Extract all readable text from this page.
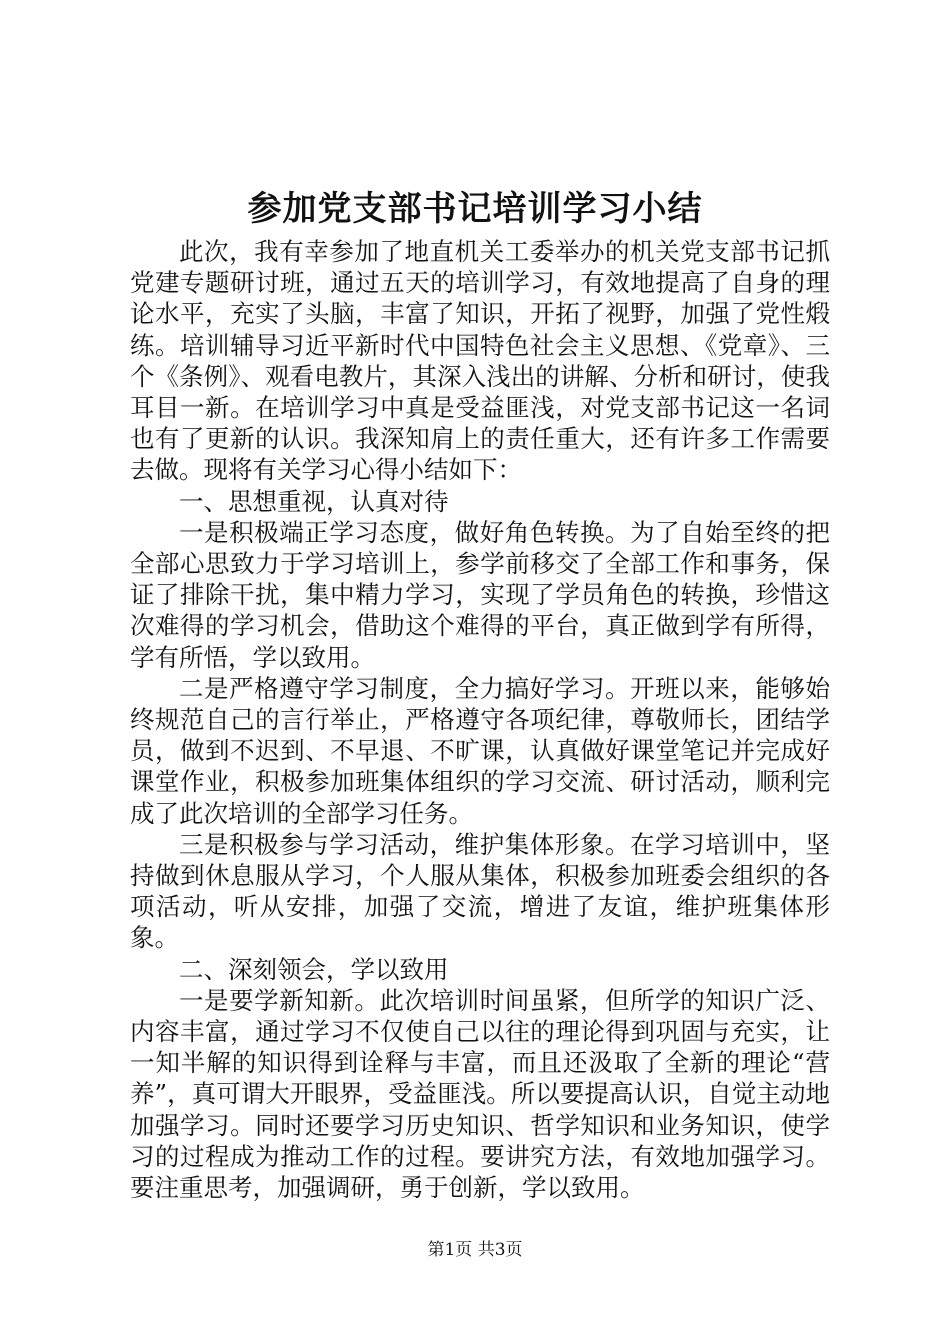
参加党支部书记培训学习小结

此次，我有幸参加了地直机关工委举办的机关党支部书记抓党建专题研讨班，通过五天的培训学习，有效地提高了自身的理论水平，充实了头脑，丰富了知识，开拓了视野，加强了党性煅练。培训辅导习近平新时代中国特色社会主义思想、《党章》、三个《条例》、观看电教片，其深入浅出的讲解、分析和研讨，使我耳目一新。在培训学习中真是受益匪浅，对党支部书记这一名词也有了更新的认识。我深知肩上的责任重大，还有许多工作需要去做。现将有关学习心得小结如下：

一、思想重视，认真对待

一是积极端正学习态度，做好角色转换。为了自始至终的把全部心思致力于学习培训上，参学前移交了全部工作和事务，保证了排除干扰，集中精力学习，实现了学员角色的转换，珍惜这次难得的学习机会，借助这个难得的平台，真正做到学有所得，学有所悟，学以致用。

二是严格遵守学习制度，全力搞好学习。开班以来，能够始终规范自己的言行举止，严格遵守各项纪律，尊敬师长，团结学员，做到不迟到、不早退、不旷课，认真做好课堂笔记并完成好课堂作业，积极参加班集体组织的学习交流、研讨活动，顺利完成了此次培训的全部学习任务。

三是积极参与学习活动，维护集体形象。在学习培训中，坚持做到休息服从学习，个人服从集体，积极参加班委会组织的各项活动，听从安排，加强了交流，增进了友谊，维护班集体形象。

二、深刻领会，学以致用

一是要学新知新。此次培训时间虽紧，但所学的知识广泛、内容丰富，通过学习不仅使自己以往的理论得到巩固与充实，让一知半解的知识得到诠释与丰富，而且还汲取了全新的理论“营养”，真可谓大开眼界，受益匪浅。所以要提高认识，自觉主动地加强学习。同时还要学习历史知识、哲学知识和业务知识，使学习的过程成为推动工作的过程。要讲究方法，有效地加强学习。要注重思考，加强调研，勇于创新，学以致用。

第1页 共3页
